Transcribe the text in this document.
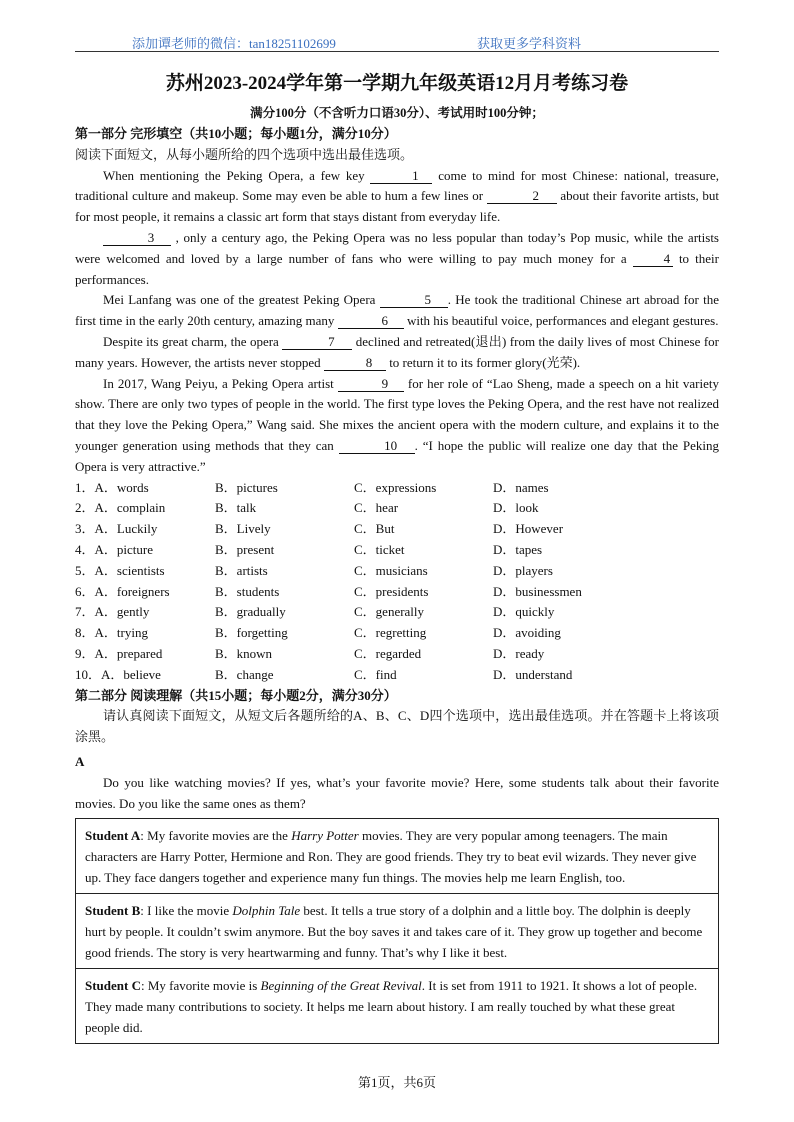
添加谭老师的微信：tan18251102699	获取更多学科资料
苏州2023-2024学年第一学期九年级英语12月月考练习卷
满分100分（不含听力口语30分）、考试用时100分钟；

第一部分 完形填空（共10小题；每小题1分，满分10分）

阅读下面短文，从每小题所给的四个选项中选出最佳选项。

When mentioning the Peking Opera, a few key	1 come to mind for most Chinese: national, treasure, traditional culture and makeup. Some may even be able to hum a few lines or	2 about their favorite artists, but for most people, it remains a classic art form that stays distant from everyday life.

3 , only a century ago, the Peking Opera was no less popular than today’s Pop music, while the artists were welcomed and loved by a large number of fans who were willing to pay much money for a 4 to their performances.

Mei Lanfang was one of the greatest Peking Opera	5 . He took the traditional Chinese art abroad for the first time in the early 20th century, amazing many	6 with his beautiful voice, performances and elegant gestures.

Despite its great charm, the opera	7 declined and retreated(退出) from the daily lives of most Chinese for many years. However, the artists never stopped	8 to return it to its former glory(光荣).

In 2017, Wang Peiyu, a Peking Opera artist	9 for her role of “Lao Sheng, made a speech on a hit variety show. There are only two types of people in the world. The first type loves the Peking Opera, and the rest have not realized that they love the Peking Opera,” Wang said. She mixes the ancient opera with the modern culture, and explains it to the younger generation using methods that they can	10 . “I hope the public will realize one day that the Peking Opera is very attractive.”

1．A．words	B．pictures	C．expressions	D．names
2．A．complain	B．talk	C．hear	D．look
3．A．Luckily	B．Lively	C．But	D．However
4．A．picture	B．present	C．ticket	D．tapes
5．A．scientists	B．artists	C．musicians	D．players
6．A．foreigners	B．students	C．presidents	D．businessmen
7．A．gently	B．gradually	C．generally	D．quickly
8．A．trying	B．forgetting	C．regretting	D．avoiding
9．A．prepared	B．known	C．regarded	D．ready
10．A．believe	B．change	C．find	D．understand

第二部分 阅读理解（共15小题；每小题2分，满分30分）

请认真阅读下面短文，从短文后各题所给的A、B、C、D四个选项中，选出最佳选项。并在答题卡上将该项涂黑。

A

Do you like watching movies? If yes, what’s your favorite movie? Here, some students talk about their favorite movies. Do you like the same ones as them?

Student A: My favorite movies are the Harry Potter movies. They are very popular among teenagers. The main characters are Harry Potter, Hermione and Ron. They are good friends. They try to beat evil wizards. They never give up. They face dangers together and experience many fun things. The movies help me learn English, too.
Student B: I like the movie Dolphin Tale best. It tells a true story of a dolphin and a little boy. The dolphin is deeply hurt by people. It couldn’t swim anymore. But the boy saves it and takes care of it. They grow up together and become good friends. The story is very heartwarming and funny. That’s why I like it best.
Student C: My favorite movie is Beginning of the Great Revival. It is set from 1911 to 1921. It shows a lot of people. They made many contributions to society. It helps me learn about history. I am really touched by what these great people did.
第1页，共6页
